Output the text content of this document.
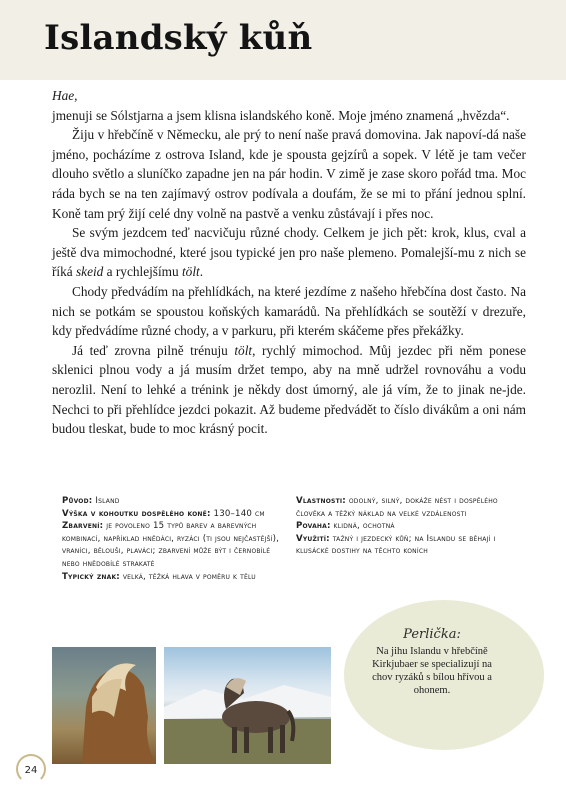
Islandský kůň

Hae,

jmenuji se Sólstjarna a jsem klisna islandského koně. Moje jméno znamená „hvězda“.

Žiju v hřebčíně v Německu, ale prý to není naše pravá domovina. Jak napoví-dá naše jméno, pocházíme z ostrova Island, kde je spousta gejzírů a sopek. V létě je tam večer dlouho světlo a sluníčko zapadne jen na pár hodin. V zimě je zase skoro pořád tma. Moc ráda bych se na ten zajímavý ostrov podívala a doufám, že se mi to přání jednou splní. Koně tam prý žijí celé dny volně na pastvě a venku zůstávají i přes noc.

Se svým jezdcem teď nacvičuju různé chody. Celkem je jich pět: krok, klus, cval a ještě dva mimochodné, které jsou typické jen pro naše plemeno. Pomalejší-mu z nich se říká skeid a rychlejšímu tölt.

Chody předvádím na přehlídkách, na které jezdíme z našeho hřebčína dost často. Na nich se potkám se spoustou koňských kamarádů. Na přehlídkách se soutěží v drezuře, kdy předvádíme různé chody, a v parkuru, při kterém skáčeme přes překážky.

Já teď zrovna pilně trénuju tölt, rychlý mimochod. Můj jezdec při něm ponese sklenici plnou vody a já musím držet tempo, aby na mně udržel rovnováhu a vodu nerozlil. Není to lehké a trénink je někdy dost úmorný, ale já vím, že to jinak ne-jde. Nechci to při přehlídce jezdci pokazit. Až budeme předvádět to číslo divákům a oni nám budou tleskat, bude to moc krásný pocit.

Původ: Island

Výška v kohoutku dospělého koně: 130–140 cm

Zbarvení: je povoleno 15 typů barev a barevných kombinací, například hnědáci, ryzáci (ti jsou nejčastější), vraníci, bělouši, plaváci; zbarvení může být i černobílé nebo hnědobílé strakaté

Typický znak: velká, těžká hlava v poměru k tělu

Vlastnosti: odolný, silný, dokáže nést i dospělého člověka a těžký náklad na velké vzdálenosti

Povaha: klidná, ochotná

Využití: tažný i jezdecký kůň; na Islandu se běhají i klusácké dostihy na těchto koních

Perlička:
Na jihu Islandu v hřebčíně Kirkjubaer se specializují na chov ryzáků s bílou hřívou a ohonem.
24
